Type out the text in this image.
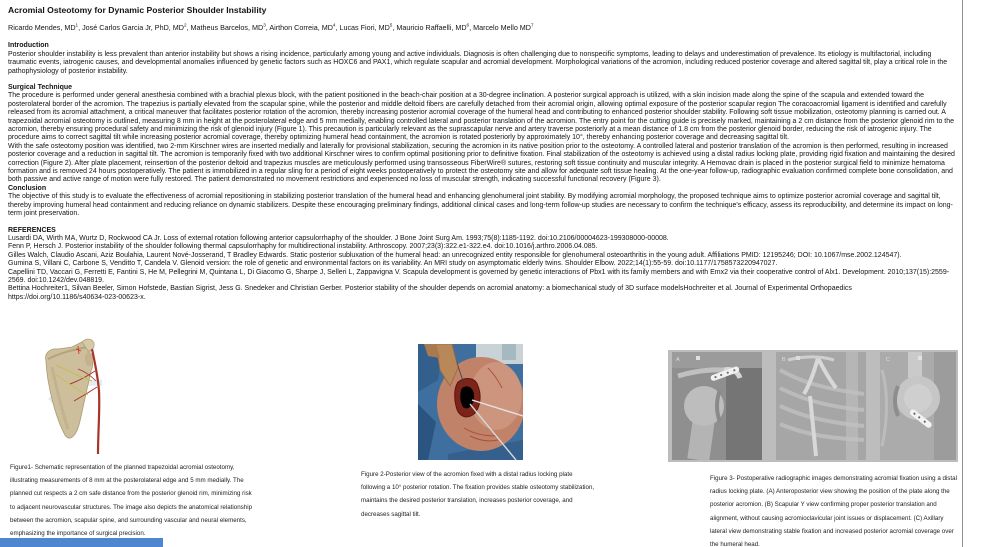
Acromial Osteotomy for Dynamic Posterior Shoulder Instability
Ricardo Mendes, $MD^1$ , José Carlos Garcia Jr, PhD, $MD^2$ , Matheus Barcelos, $MD^3$ , Airthon Correia, $MD^4$ , Lucas Fiori, $MD^5$ , Mauricio Raffaelli, $MD^6$ , Marcelo Mello $MD^7$
Introduction

Posterior shoulder instability is less prevalent than anterior instability but shows a rising incidence, particularly among young and active individuals. Diagnosis is often challenging due to nonspecific symptoms, leading to delays and underestimation of prevalence. Its etiology is multifactorial, including traumatic events, iatrogenic causes, and developmental anomalies influenced by genetic factors such as HOXC6 and PAX1, which regulate scapular and acromial development. Morphological variations of the acromion, including reduced posterior coverage and altered sagittal tilt, play a critical role in the pathophysiology of posterior instability.

Surgical Technique

The procedure is performed under general anesthesia combined with a brachial plexus block, with the patient positioned in the beach-chair position at a 30-degree inclination. A posterior surgical approach is utilized, with a skin incision made along the spine of the scapula and extended toward the posterolateral border of the acromion. The trapezius is partially elevated from the scapular spine, while the posterior and middle deltoid fibers are carefully detached from their acromial origin, allowing optimal exposure of the posterior scapular region The coracoacromial ligament is identified and carefully released from its acromial attachment, a critical maneuver that facilitates posterior rotation of the acromion, thereby increasing posterior acromial coverage of the humeral head and contributing to enhanced posterior shoulder stability. Following soft tissue mobilization, osteotomy planning is carried out. A trapezoidal acromial osteotomy is outlined, measuring 8 mm in height at the posterolateral edge and 5 mm medially, enabling controlled lateral and posterior translation of the acromion. The entry point for the cutting guide is precisely marked, maintaining a 2 cm distance from the posterior glenoid rim to the acromion, thereby ensuring procedural safety and minimizing the risk of glenoid injury (Figure 1). This precaution is particularly relevant as the suprascapular nerve and artery traverse posteriorly at a mean distance of 1.8 cm from the posterior glenoid border, reducing the risk of iatrogenic injury. The procedure aims to correct sagittal tilt while increasing posterior acromial coverage, thereby optimizing humeral head containment, the acromion is rotated posteriorly by approximately 10°, thereby enhancing posterior coverage and decreasing sagittal tilt.

With the safe osteotomy position was identified, two 2-mm Kirschner wires are inserted medially and laterally for provisional stabilization, securing the acromion in its native position prior to the osteotomy. A controlled lateral and posterior translation of the acromion is then performed, resulting in increased posterior coverage and a reduction in sagittal tilt. The acromion is temporarily fixed with two additional Kirschner wires to confirm optimal positioning prior to definitive fixation. Final stabilization of the osteotomy is achieved using a distal radius locking plate, providing rigid fixation and maintaining the desired correction (Figure 2). After plate placement, reinsertion of the posterior deltoid and trapezius muscles are meticulously performed using transosseous FiberWire® sutures, restoring soft tissue continuity and muscular integrity. A Hemovac drain is placed in the posterior surgical field to minimize hematoma formation and is removed 24 hours postoperatively. The patient is immobilized in a regular sling for a period of eight weeks postoperatively to protect the osteotomy site and allow for adequate soft tissue healing. At the one-year follow-up, radiographic evaluation confirmed complete bone consolidation, and both passive and active range of motion were fully restored. The patient demonstrated no movement restrictions and experienced no loss of muscular strength, indicating successful functional recovery (Figure 3).

Conclusion

The objective of this study is to evaluate the effectiveness of acromial repositioning in stabilizing posterior translation of the humeral head and enhancing glenohumeral joint stability. By modifying acromial morphology, the proposed technique aims to optimize posterior acromial coverage and sagittal tilt, thereby improving humeral head containment and reducing reliance on dynamic stabilizers. Despite these encouraging preliminary findings, additional clinical cases and long-term follow-up studies are necessary to confirm the technique's efficacy, assess its reproducibility, and determine its impact on long-term joint preservation.

REFERENCES
Lusardi DA, Wirth MA, Wurtz D, Rockwood CA Jr. Loss of external rotation following anterior capsulorrhaphy of the shoulder. J Bone Joint Surg Am. 1993;75(8):1185-1192. doi:10.2106/00004623-199308000-00008.
Fenn P, Hersch J. Posterior instability of the shoulder following thermal capsulorrhaphy for multidirectional instability. Arthroscopy. 2007;23(3):322.e1-322.e4. doi:10.1016/j.arthro.2006.04.085.
Gilles Walch, Claudio Ascani, Aziz Boulahia, Laurent Nové-Josserand, T Bradley Edwards. Static posterior subluxation of the humeral head: an unrecognized entity responsible for glenohumeral osteoarthritis in the young adult. Affiliations PMID: 12195246; DOI: 10.1067/mse.2002.124547).
Gumina S, Villani C, Carbone S, Venditto T, Candela V. Glenoid version: the role of genetic and environmental factors on its variability. An MRI study on asymptomatic elderly twins. Shoulder Elbow. 2022;14(1):55-59. doi:10.1177/1758573220947027.
Capellini TD, Vaccari G, Ferretti E, Fantini S, He M, Pellegrini M, Quintana L, Di Giacomo G, Sharpe J, Selleri L, Zappavigna V. Scapula development is governed by genetic interactions of Pbx1 with its family members and with Emx2 via their cooperative control of Alx1. Development. 2010;137(15):2559-2569. doi:10.1242/dev.048819.
Bettina Hochreiter1, Silvan Beeler, Simon Hofstede, Bastian Sigrist, Jess G. Snedeker and Christian Gerber. Posterior stability of the shoulder depends on acromial anatomy: a biomechanical study of 3D surface modelsHochreiter et al. Journal of Experimental Orthopaedics
https://doi.org/10.1186/s40634-023-00623-x.
Figure1- Schematic representation of the planned trapezoidal acromial osteotomy, illustrating measurements of 8 mm at the posterolateral edge and 5 mm medially. The planned cut respects a 2 cm safe distance from the posterior glenoid rim, minimizing risk to adjacent neurovascular structures. The image also depicts the anatomical relationship between the acromion, scapular spine, and surrounding vascular and neural elements, emphasizing the importance of surgical precision.
Figure 2-Posterior view of the acromion fixed with a distal radius locking plate following a 10° posterior rotation. The fixation provides stable osteotomy stabilization, maintains the desired posterior translation, increases posterior coverage, and decreases sagittal tilt.
A	B	C
Figure 3- Postoperative radiographic images demonstrating acromial fixation using a distal radius locking plate. (A) Anteroposterior view showing the position of the plate along the posterior acromion. (B) Scapular Y view confirming proper posterior translation and alignment, without causing acromioclavicular joint issues or displacement. (C) Axillary lateral view demonstrating stable fixation and increased posterior acromial coverage over the humeral head.
